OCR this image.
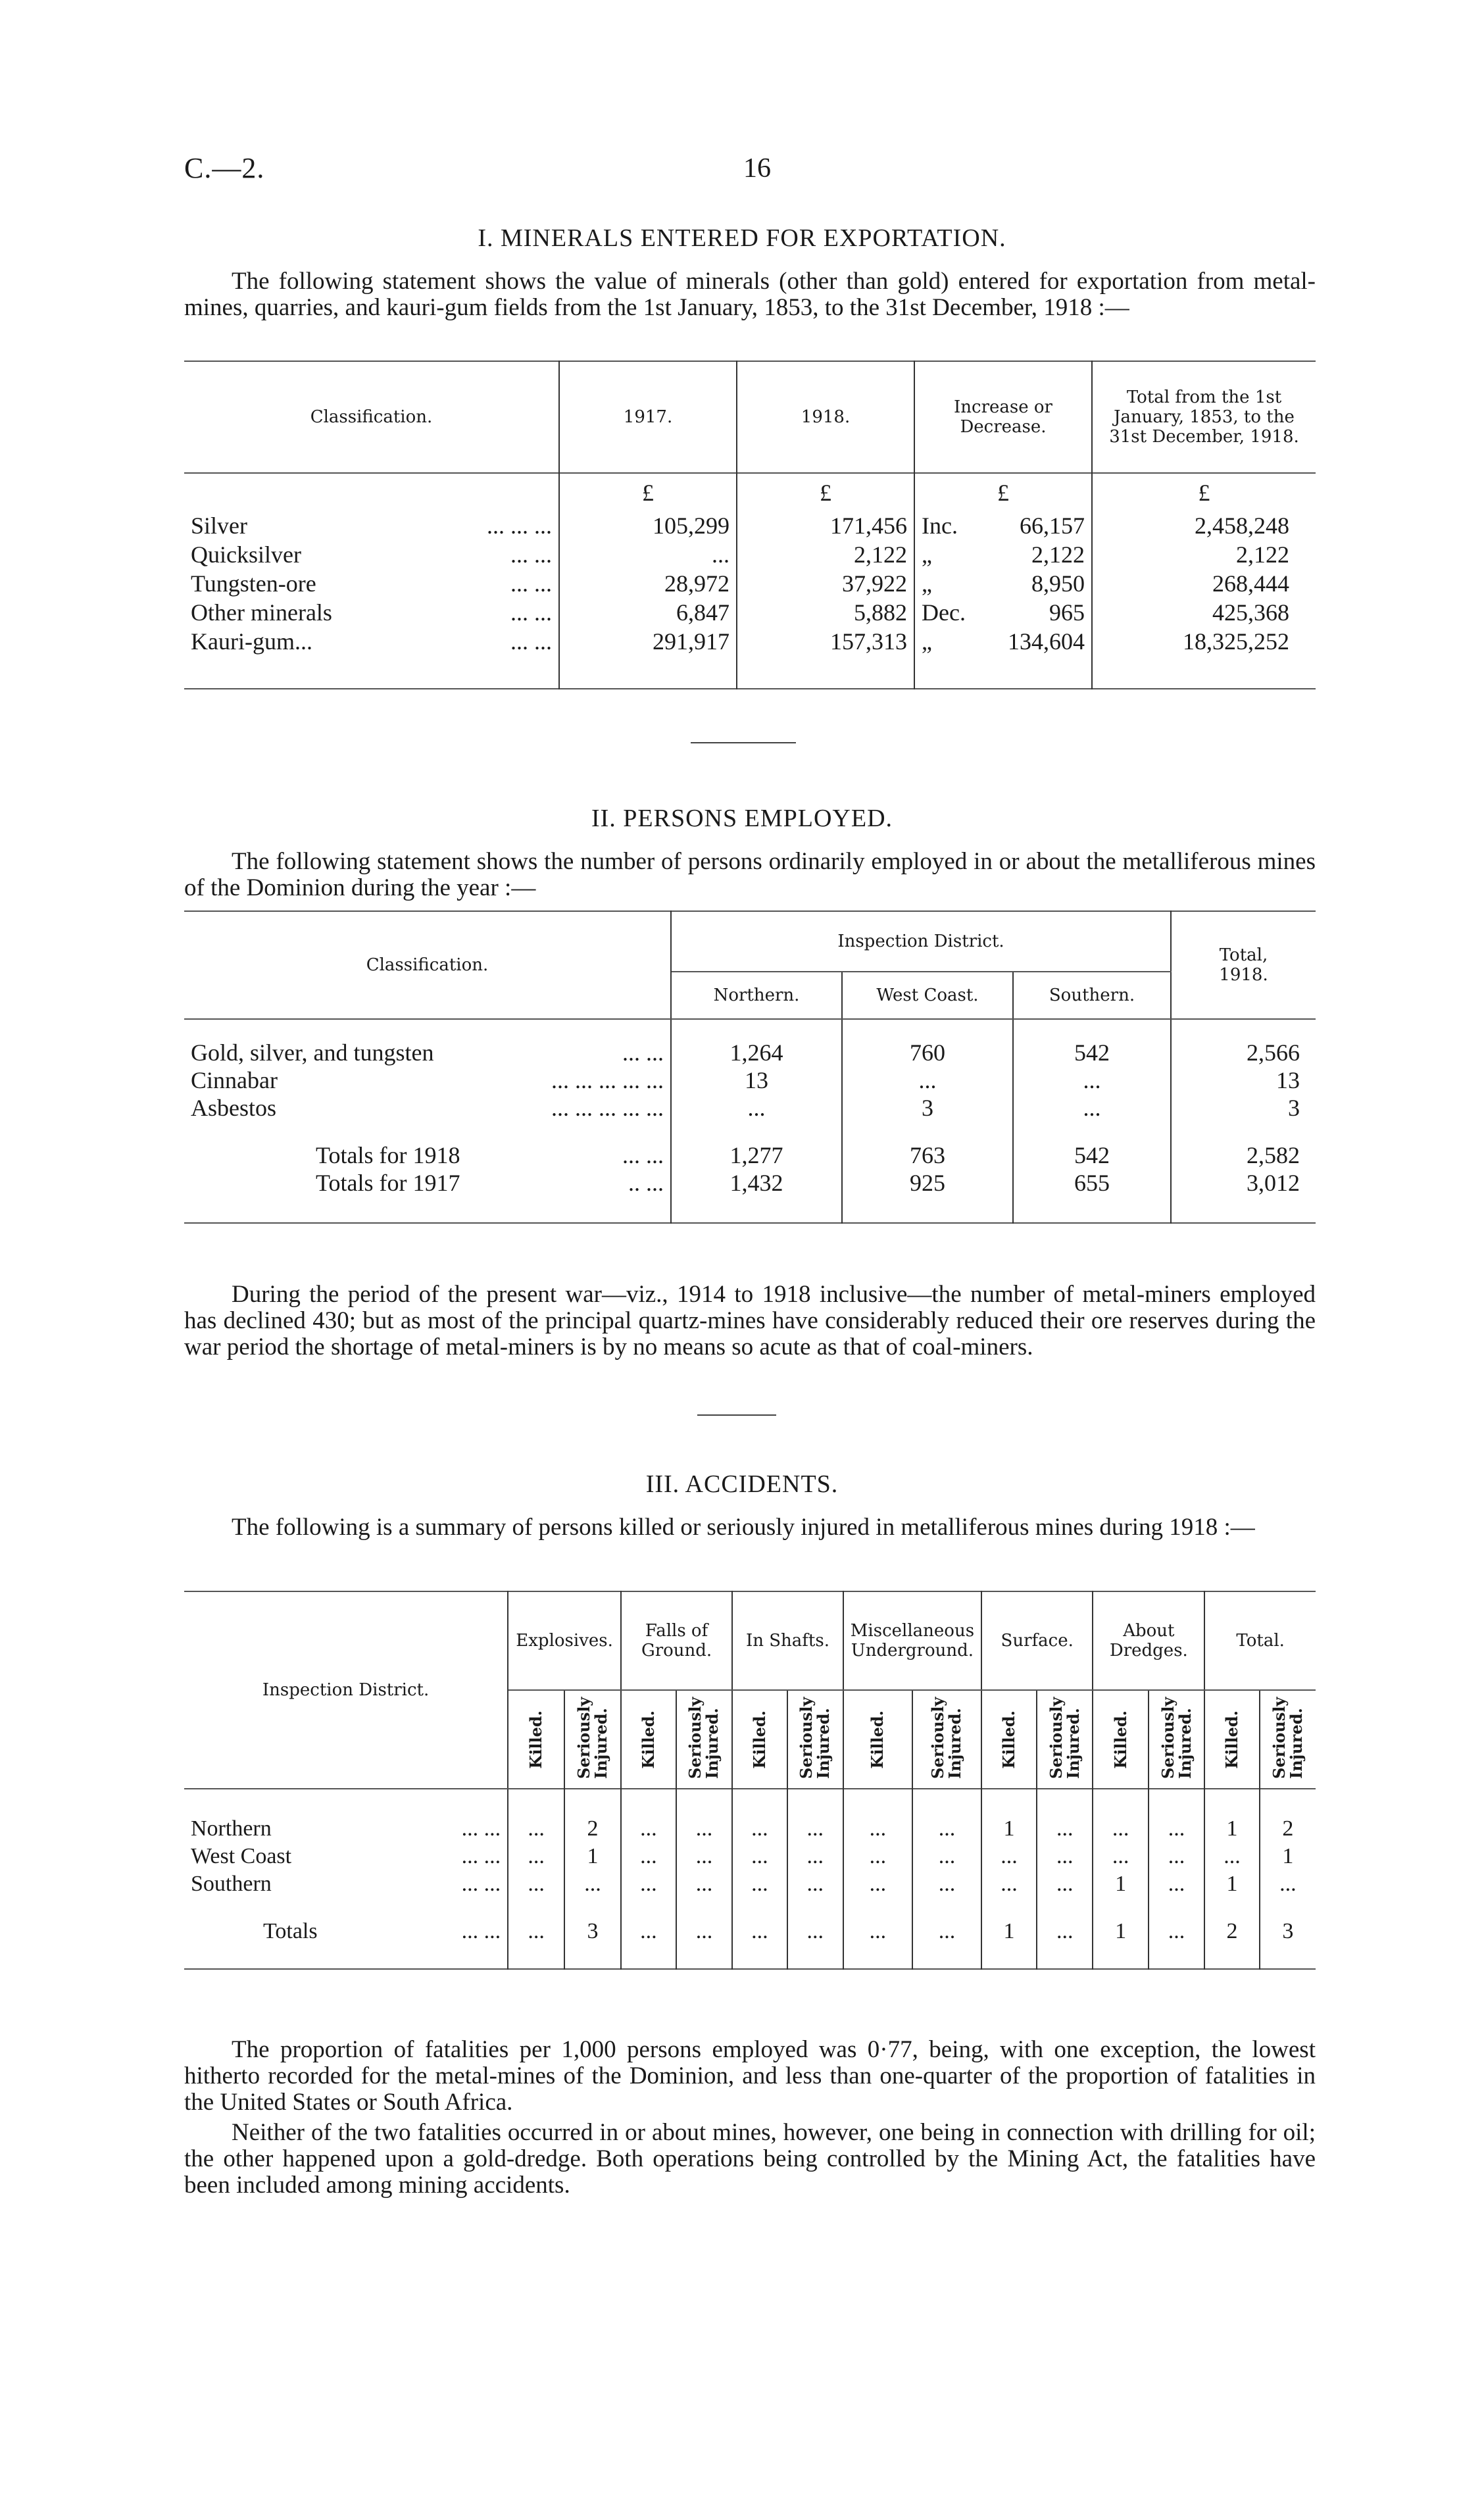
C.—2.	16
I. MINERALS ENTERED FOR EXPORTATION.

The following statement shows the value of minerals (other than gold) entered for exportation from metal-mines, quarries, and kauri-gum fields from the 1st January, 1853, to the 31st December, 1918 :—

Classification.	1917.	1918.	Increase or Decrease.	Total from the 1st January, 1853, to the 31st December, 1918.
	£	£	£	£
Silver ... ... ...	105,299	171,456	Inc. 66,157	2,458,248
Quicksilver ... ...	...	2,122	„ 2,122	2,122
Tungsten-ore ... ...	28,972	37,922	„ 8,950	268,444
Other minerals ... ...	6,847	5,882	Dec. 965	425,368
Kauri-gum... ... ...	291,917	157,313	„ 134,604	18,325,252

II. PERSONS EMPLOYED.

The following statement shows the number of persons ordinarily employed in or about the metalliferous mines of the Dominion during the year :—

Classification.	Inspection District.			Total, 1918.
	Northern.	West Coast.	Southern.	

Gold, silver, and tungsten ... ...	1,264	760	542	2,566
Cinnabar ... ... ... ... ...	13	...	...	13
Asbestos ... ... ... ... ...	...	3	...	3

Totals for 1918 ... ...	1,277	763	542	2,582
Totals for 1917 .. ...	1,432	925	655	3,012

During the period of the present war—viz., 1914 to 1918 inclusive—the number of metal-miners employed has declined 430; but as most of the principal quartz-mines have considerably reduced their ore reserves during the war period the shortage of metal-miners is by no means so acute as that of coal-miners.

III. ACCIDENTS.

The following is a summary of persons killed or seriously injured in metalliferous mines during 1918 :—

Inspection District.	Explosives.		Falls of Ground.		In Shafts.		Miscellaneous Underground.		Surface.		About Dredges.		Total.	

	Killed.	Seriously Injured.	Killed.	Seriously Injured.	Killed.	Seriously Injured.	Killed.	Seriously Injured.	Killed.	Seriously Injured.	Killed.	Seriously Injured.	Killed.	Seriously Injured.

Northern ... ...	...	2	...	...	...	...	...	...	1	...	...	...	1	2
West Coast ... ...	...	1	...	...	...	...	...	...	...	...	...	...	...	1
Southern ... ...	...	...	...	...	...	...	...	...	...	...	1	...	1	...

Totals ... ...	...	3	...	...	...	...	...	...	1	...	1	...	2	3

The proportion of fatalities per 1,000 persons employed was 0·77, being, with one exception, the lowest hitherto recorded for the metal-mines of the Dominion, and less than one-quarter of the proportion of fatalities in the United States or South Africa.

Neither of the two fatalities occurred in or about mines, however, one being in connection with drilling for oil; the other happened upon a gold-dredge. Both operations being controlled by the Mining Act, the fatalities have been included among mining accidents.
